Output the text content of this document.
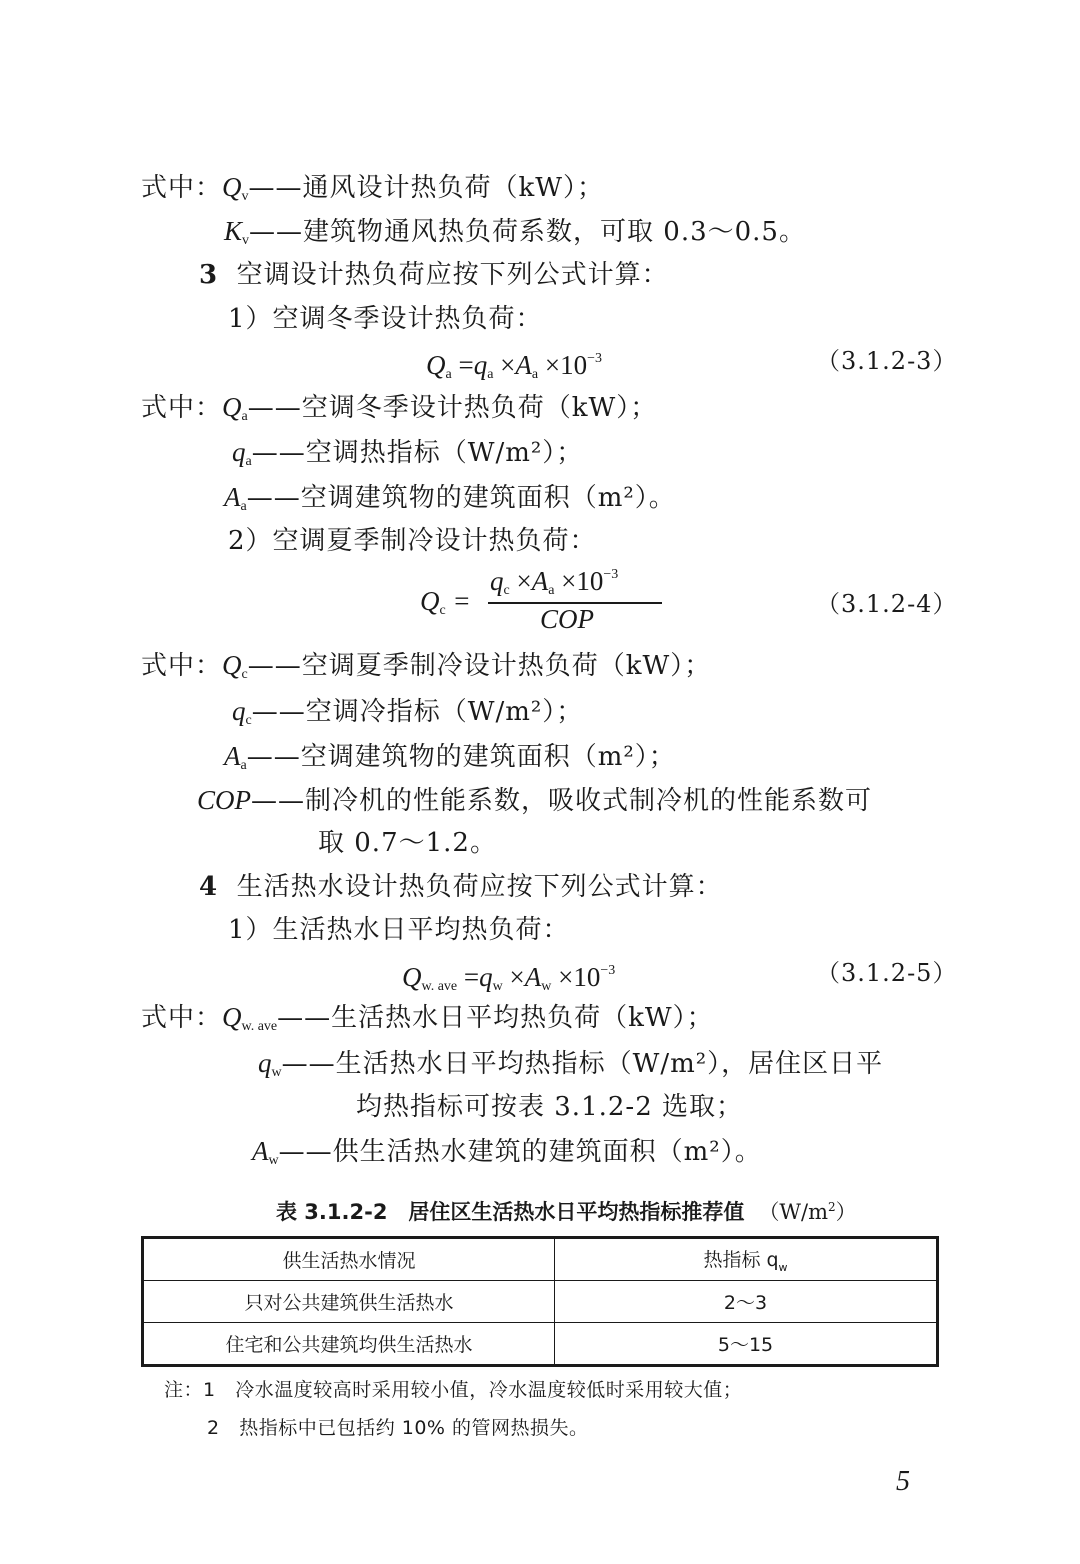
式中：$Q_v——$通风设计热负荷（kW）；
$K_v——$建筑物通风热负荷系数，可取 0.3～0.5。
3 空调设计热负荷应按下列公式计算：
1）空调冬季设计热负荷：
$Q_a =q_a \times A_a \times 10^{-3}$	（3.1.2-3）
式中：$Q_a——$空调冬季设计热负荷（kW）；
$q_a——$空调热指标（W/m²）；
$A_a——$空调建筑物的建筑面积（m²）。
2）空调夏季制冷设计热负荷：
$Q_c$ =
$q_c \times A_a \times 10^{-3}$
COP	（3.1.2-4）
式中：$Q_c——$空调夏季制冷设计热负荷（kW）；
$q_c——$空调冷指标（W/m²）；
$A_a——$空调建筑物的建筑面积（m²）；
COP——制冷机的性能系数，吸收式制冷机的性能系数可
取 0.7～1.2。
4 生活热水设计热负荷应按下列公式计算：
1）生活热水日平均热负荷：
$Q_{w. ave} =q_w \times A_w \times 10^{-3}$	（3.1.2-5）
式中：$Q_{w. ave}——$生活热水日平均热负荷（kW）；
$q_w——$生活热水日平均热指标（W/m²），居住区日平
均热指标可按表 3.1.2-2 选取；
$A_w——$供生活热水建筑的建筑面积（m²）。
表 3.1.2-2　居住区生活热水日平均热指标推荐值 $(W/m^2)$
供生活热水情况	热指标 $q_w$
只对公共建筑供生活热水	2～3
住宅和公共建筑均供生活热水	5～15
注：1 冷水温度较高时采用较小值，冷水温度较低时采用较大值；
2 热指标中已包括约 10% 的管网热损失。
5
